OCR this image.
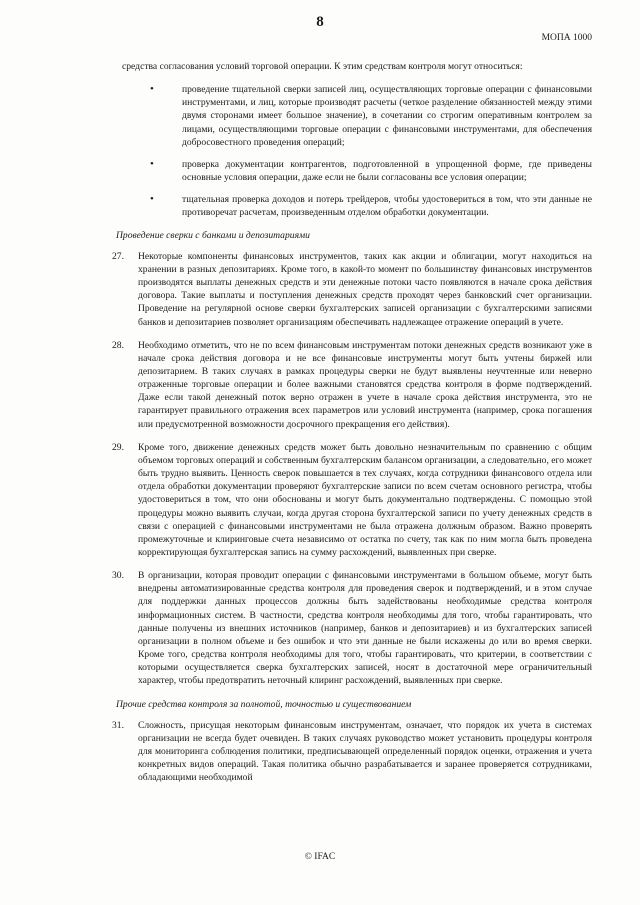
8
МОПА 1000

средства согласования условий торговой операции. К этим средствам контроля могут относиться:

•	проведение тщательной сверки записей лиц, осуществляющих торговые операции с финансовыми инструментами, и лиц, которые производят расчеты (четкое разделение обязанностей между этими двумя сторонами имеет большое значение), в сочетании со строгим оперативным контролем за лицами, осуществляющими торговые операции с финансовыми инструментами, для обеспечения добросовестного проведения операций;
•	проверка документации контрагентов, подготовленной в упрощенной форме, где приведены основные условия операции, даже если не были согласованы все условия операции;
•	тщательная проверка доходов и потерь трейдеров, чтобы удостовериться в том, что эти данные не противоречат расчетам, произведенным отделом обработки документации.
Проведение сверки с банками и депозитариями
27. Некоторые компоненты финансовых инструментов, таких как акции и облигации, могут находиться на хранении в разных депозитариях. Кроме того, в какой-то момент по большинству финансовых инструментов производятся выплаты денежных средств и эти денежные потоки часто появляются в начале срока действия договора. Такие выплаты и поступления денежных средств проходят через банковский счет организации. Проведение на регулярной основе сверки бухгалтерских записей организации с бухгалтерскими записями банков и депозитариев позволяет организациям обеспечивать надлежащее отражение операций в учете.
28. Необходимо отметить, что не по всем финансовым инструментам потоки денежных средств возникают уже в начале срока действия договора и не все финансовые инструменты могут быть учтены биржей или депозитарием. В таких случаях в рамках процедуры сверки не будут выявлены неучтенные или неверно отраженные торговые операции и более важными становятся средства контроля в форме подтверждений. Даже если такой денежный поток верно отражен в учете в начале срока действия инструмента, это не гарантирует правильного отражения всех параметров или условий инструмента (например, срока погашения или предусмотренной возможности досрочного прекращения его действия).
29. Кроме того, движение денежных средств может быть довольно незначительным по сравнению с общим объемом торговых операций и собственным бухгалтерским балансом организации, а следовательно, его может быть трудно выявить. Ценность сверок повышается в тех случаях, когда сотрудники финансового отдела или отдела обработки документации проверяют бухгалтерские записи по всем счетам основного регистра, чтобы удостовериться в том, что они обоснованы и могут быть документально подтверждены. С помощью этой процедуры можно выявить случаи, когда другая сторона бухгалтерской записи по учету денежных средств в связи с операцией с финансовыми инструментами не была отражена должным образом. Важно проверять промежуточные и клиринговые счета независимо от остатка по счету, так как по ним могла быть проведена корректирующая бухгалтерская запись на сумму расхождений, выявленных при сверке.
30. В организации, которая проводит операции с финансовыми инструментами в большом объеме, могут быть внедрены автоматизированные средства контроля для проведения сверок и подтверждений, и в этом случае для поддержки данных процессов должны быть задействованы необходимые средства контроля информационных систем. В частности, средства контроля необходимы для того, чтобы гарантировать, что данные получены из внешних источников (например, банков и депозитариев) и из бухгалтерских записей организации в полном объеме и без ошибок и что эти данные не были искажены до или во время сверки. Кроме того, средства контроля необходимы для того, чтобы гарантировать, что критерии, в соответствии с которыми осуществляется сверка бухгалтерских записей, носят в достаточной мере ограничительный характер, чтобы предотвратить неточный клиринг расхождений, выявленных при сверке.
Прочие средства контроля за полнотой, точностью и существованием
31. Сложность, присущая некоторым финансовым инструментам, означает, что порядок их учета в системах организации не всегда будет очевиден. В таких случаях руководство может установить процедуры контроля для мониторинга соблюдения политики, предписывающей определенный порядок оценки, отражения и учета конкретных видов операций. Такая политика обычно разрабатывается и заранее проверяется сотрудниками, обладающими необходимой
© IFAC
